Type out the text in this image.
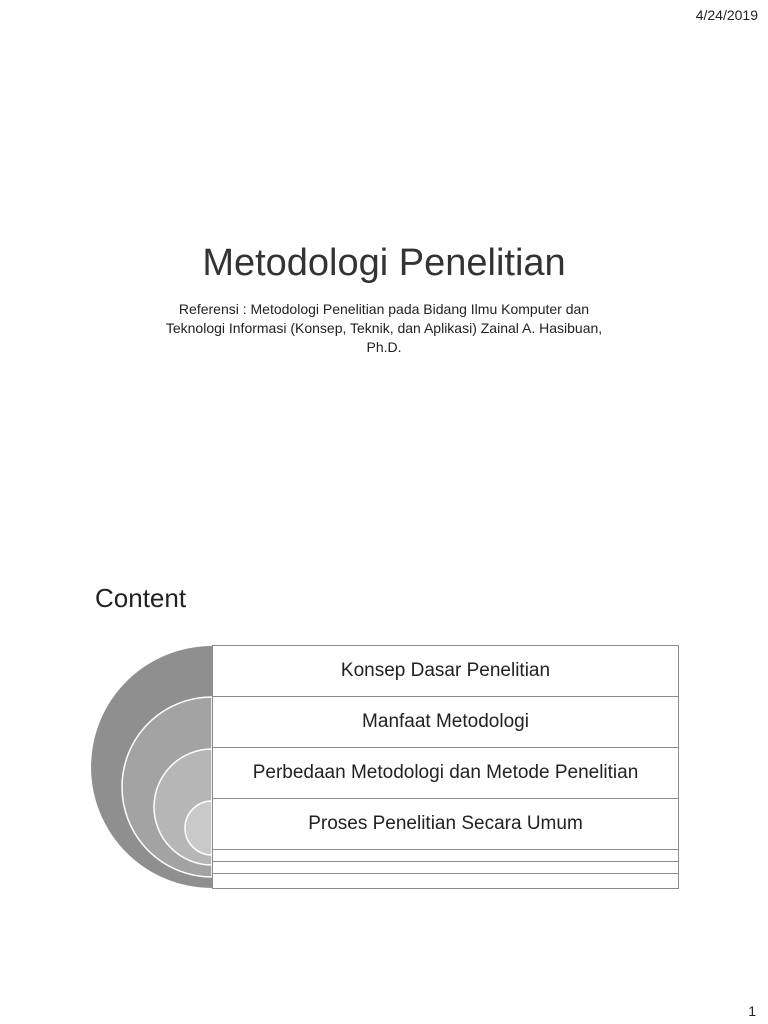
4/24/2019
Metodologi Penelitian
Referensi : Metodologi Penelitian pada Bidang Ilmu Komputer dan
Teknologi Informasi (Konsep, Teknik, dan Aplikasi) Zainal A. Hasibuan,
Ph.D.
Content
Konsep Dasar Penelitian
Manfaat Metodologi
Perbedaan Metodologi dan Metode Penelitian
Proses Penelitian Secara Umum
1
